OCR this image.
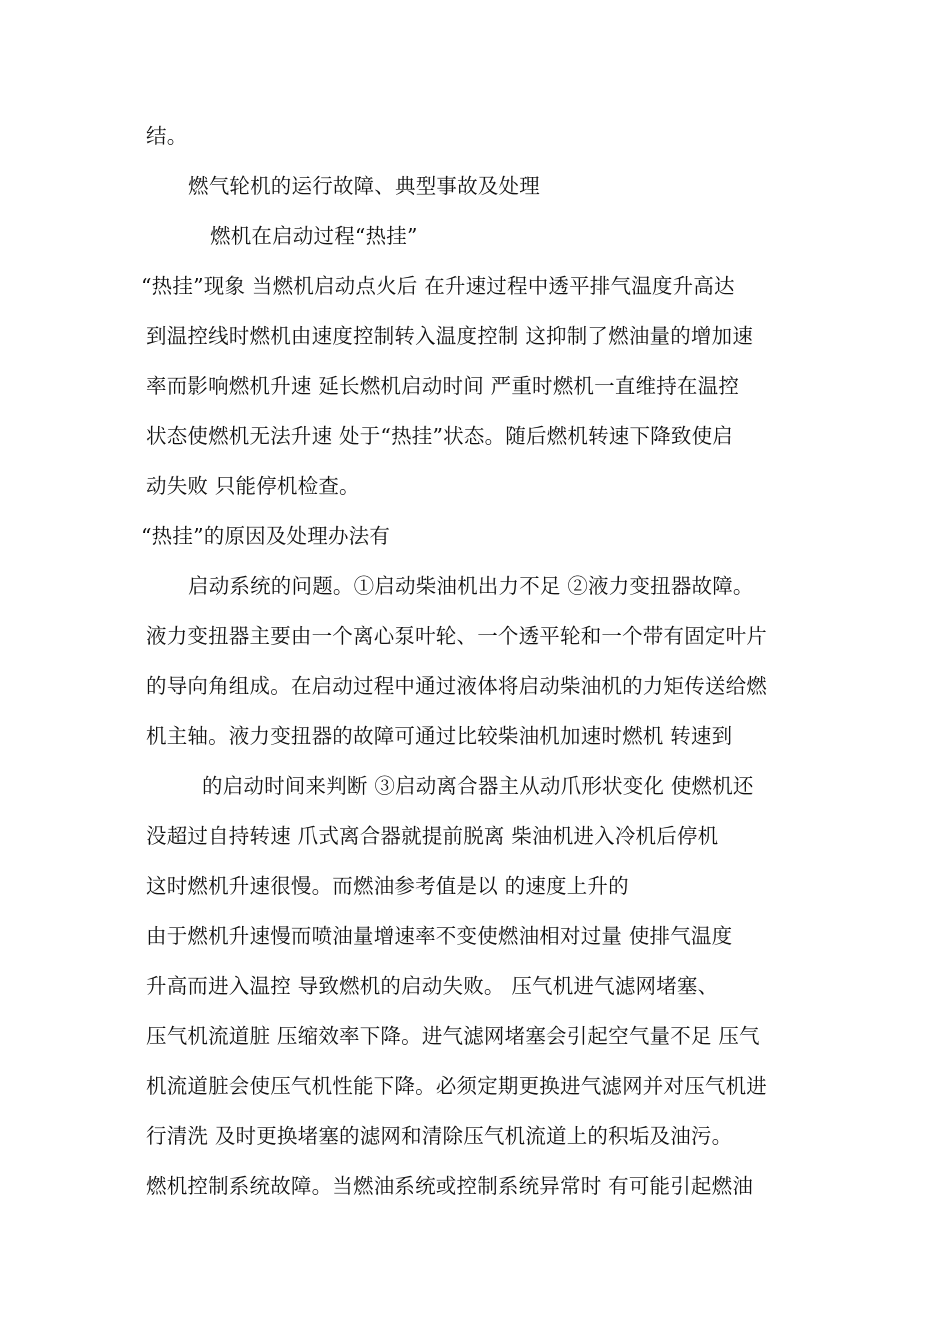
结。
燃气轮机的运行故障、典型事故及处理
燃机在启动过程“热挂”
“热挂”现象 当燃机启动点火后 在升速过程中透平排气温度升高达
到温控线时燃机由速度控制转入温度控制 这抑制了燃油量的增加速
率而影响燃机升速 延长燃机启动时间 严重时燃机一直维持在温控
状态使燃机无法升速 处于“热挂”状态。随后燃机转速下降致使启
动失败 只能停机检查。
“热挂”的原因及处理办法有
启动系统的问题。①启动柴油机出力不足 ②液力变扭器故障。
液力变扭器主要由一个离心泵叶轮、一个透平轮和一个带有固定叶片
的导向角组成。在启动过程中通过液体将启动柴油机的力矩传送给燃
机主轴。液力变扭器的故障可通过比较柴油机加速时燃机 转速到
的启动时间来判断 ③启动离合器主从动爪形状变化 使燃机还
没超过自持转速 爪式离合器就提前脱离 柴油机进入冷机后停机
这时燃机升速很慢。而燃油参考值是以 的速度上升的
由于燃机升速慢而喷油量增速率不变使燃油相对过量 使排气温度
升高而进入温控 导致燃机的启动失败。 压气机进气滤网堵塞、
压气机流道脏 压缩效率下降。进气滤网堵塞会引起空气量不足 压气
机流道脏会使压气机性能下降。必须定期更换进气滤网并对压气机进
行清洗 及时更换堵塞的滤网和清除压气机流道上的积垢及油污。
燃机控制系统故障。当燃油系统或控制系统异常时 有可能引起燃油
